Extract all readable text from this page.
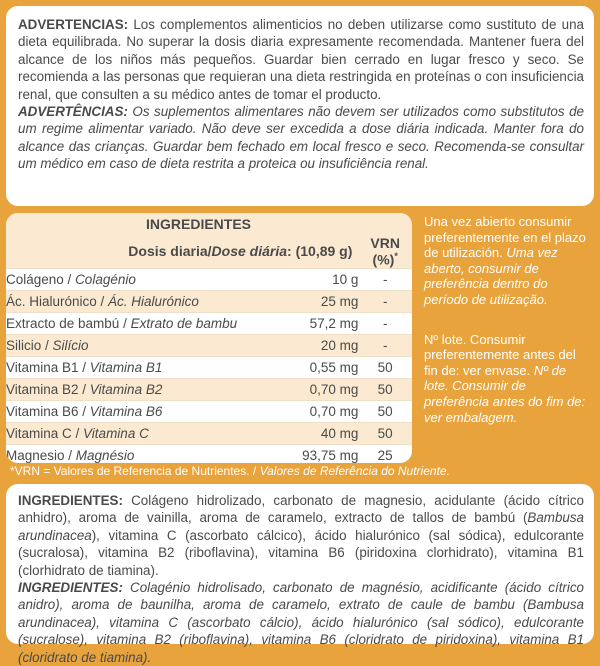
ADVERTENCIAS: Los complementos alimenticios no deben utilizarse como sustituto de una dieta equilibrada. No superar la dosis diaria expresamente recomendada. Mantener fuera del alcance de los niños más pequeños. Guardar bien cerrado en lugar fresco y seco. Se recomienda a las personas que requieran una dieta restringida en proteínas o con insuficiencia renal, que consulten a su médico antes de tomar el producto.

ADVERTÊNCIAS: Os suplementos alimentares não devem ser utilizados como substitutos de um regime alimentar variado. Não deve ser excedida a dose diária indicada. Manter fora do alcance das crianças. Guardar bem fechado em local fresco e seco. Recomenda-se consultar um médico em caso de dieta restrita a proteica ou insuficiência renal.

INGREDIENTES		
Dosis diaria/Dose diária: (10,89 g)		VRN (%)*
Colágeno / Colagénio	10 g	-
Ác. Hialurónico / Ác. Hialurónico	25 mg	-
Extracto de bambú / Extrato de bambu	57,2 mg	-
Silicio / Silício	20 mg	-
Vitamina B1 / Vitamina B1	0,55 mg	50
Vitamina B2 / Vitamina B2	0,70 mg	50
Vitamina B6 / Vitamina B6	0,70 mg	50
Vitamina C / Vitamina C	40 mg	50
Magnesio / Magnésio	93,75 mg	25

Una vez abierto consumir preferentemente en el plazo de utilización. Uma vez aberto, consumir de preferência dentro do período de utilização.

Nº lote. Consumir preferentemente antes del fin de: ver envase. Nº de lote. Consumir de preferência antes do fim de: ver embalagem.

*VRN = Valores de Referencia de Nutrientes. / Valores de Referência do Nutriente.

INGREDIENTES: Colágeno hidrolizado, carbonato de magnesio, acidulante (ácido cítrico anhidro), aroma de vainilla, aroma de caramelo, extracto de tallos de bambú (Bambusa arundinacea), vitamina C (ascorbato cálcico), ácido hialurónico (sal sódica), edulcorante (sucralosa), vitamina B2 (riboflavina), vitamina B6 (piridoxina clorhidrato), vitamina B1 (clorhidrato de tiamina).

INGREDIENTES: Colagénio hidrolisado, carbonato de magnésio, acidificante (ácido cítrico anidro), aroma de baunilha, aroma de caramelo, extrato de caule de bambu (Bambusa arundinacea), vitamina C (ascorbato cálcio), ácido hialurónico (sal sódico), edulcorante (sucralose), vitamina B2 (riboflavina), vitamina B6 (cloridrato de piridoxina), vitamina B1 (cloridrato de tiamina).
